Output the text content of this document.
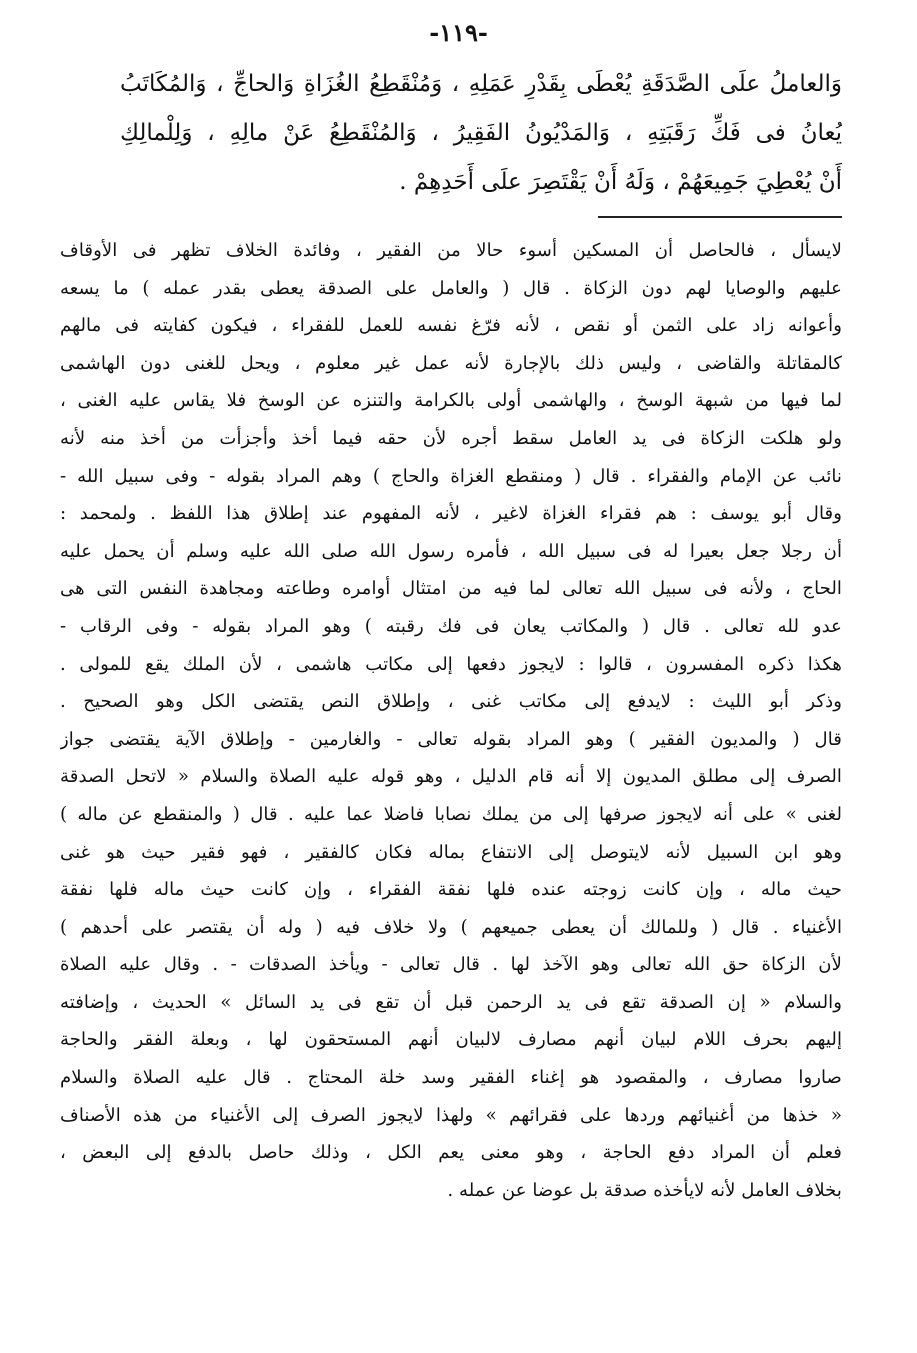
-١١٩-
وَالعاملُ علَى الصَّدَقَةِ يُعْطَى بِقَدْرِ عَمَلِهِ ، وَمُنْقَطِعُ الغُزَاةِ وَالحاجِّ ، وَالمُكَاتَبُ
يُعانُ فى فَكِّ رَقَبَتِهِ ، وَالمَدْيُونُ الفَقِيرُ ، وَالمُنْقَطِعُ عَنْ مالِهِ ، وَلِلْمالِكِ
أَنْ يُعْطِيَ جَمِيعَهُمْ ، وَلَهُ أَنْ يَقْتَصِرَ علَى أَحَدِهِمْ .
لايسأل ، فالحاصل أن المسكين أسوء حالا من الفقير ، وفائدة الخلاف تظهر فى الأوقاف
عليهم والوصايا لهم دون الزكاة . قال ( والعامل على الصدقة يعطى بقدر عمله ) ما يسعه
وأعوانه زاد على الثمن أو نقص ، لأنه فرّغ نفسه للعمل للفقراء ، فيكون كفايته فى مالهم
كالمقاتلة والقاضى ، وليس ذلك بالإجارة لأنه عمل غير معلوم ، ويحل للغنى دون الهاشمى
لما فيها من شبهة الوسخ ، والهاشمى أولى بالكرامة والتنزه عن الوسخ فلا يقاس عليه الغنى ،
ولو هلكت الزكاة فى يد العامل سقط أجره لأن حقه فيما أخذ وأجزأت من أخذ منه لأنه
نائب عن الإمام والفقراء . قال ( ومنقطع الغزاة والحاج ) وهم المراد بقوله - وفى سبيل الله -
وقال أبو يوسف : هم فقراء الغزاة لاغير ، لأنه المفهوم عند إطلاق هذا اللفظ . ولمحمد :
أن رجلا جعل بعيرا له فى سبيل الله ، فأمره رسول الله صلى الله عليه وسلم أن يحمل عليه
الحاج ، ولأنه فى سبيل الله تعالى لما فيه من امتثال أوامره وطاعته ومجاهدة النفس التى هى
عدو لله تعالى . قال ( والمكاتب يعان فى فك رقبته ) وهو المراد بقوله - وفى الرقاب -
هكذا ذكره المفسرون ، قالوا : لايجوز دفعها إلى مكاتب هاشمى ، لأن الملك يقع للمولى .
وذكر أبو الليث : لايدفع إلى مكاتب غنى ، وإطلاق النص يقتضى الكل وهو الصحيح .
قال ( والمديون الفقير ) وهو المراد بقوله تعالى - والغارمين - وإطلاق الآية يقتضى جواز
الصرف إلى مطلق المديون إلا أنه قام الدليل ، وهو قوله عليه الصلاة والسلام « لاتحل الصدقة
لغنى » على أنه لايجوز صرفها إلى من يملك نصابا فاضلا عما عليه . قال ( والمنقطع عن ماله )
وهو ابن السبيل لأنه لايتوصل إلى الانتفاع بماله فكان كالفقير ، فهو فقير حيث هو غنى
حيث ماله ، وإن كانت زوجته عنده فلها نفقة الفقراء ، وإن كانت حيث ماله فلها نفقة
الأغنياء . قال ( وللمالك أن يعطى جميعهم ) ولا خلاف فيه ( وله أن يقتصر على أحدهم )
لأن الزكاة حق الله تعالى وهو الآخذ لها . قال تعالى - ويأخذ الصدقات - . وقال عليه الصلاة
والسلام « إن الصدقة تقع فى يد الرحمن قبل أن تقع فى يد السائل » الحديث ، وإضافته
إليهم بحرف اللام لبيان أنهم مصارف لالبيان أنهم المستحقون لها ، وبعلة الفقر والحاجة
صاروا مصارف ، والمقصود هو إغناء الفقير وسد خلة المحتاج . قال عليه الصلاة والسلام
« خذها من أغنيائهم وردها على فقرائهم » ولهذا لايجوز الصرف إلى الأغنياء من هذه الأصناف
فعلم أن المراد دفع الحاجة ، وهو معنى يعم الكل ، وذلك حاصل بالدفع إلى البعض ،
بخلاف العامل لأنه لايأخذه صدقة بل عوضا عن عمله .
